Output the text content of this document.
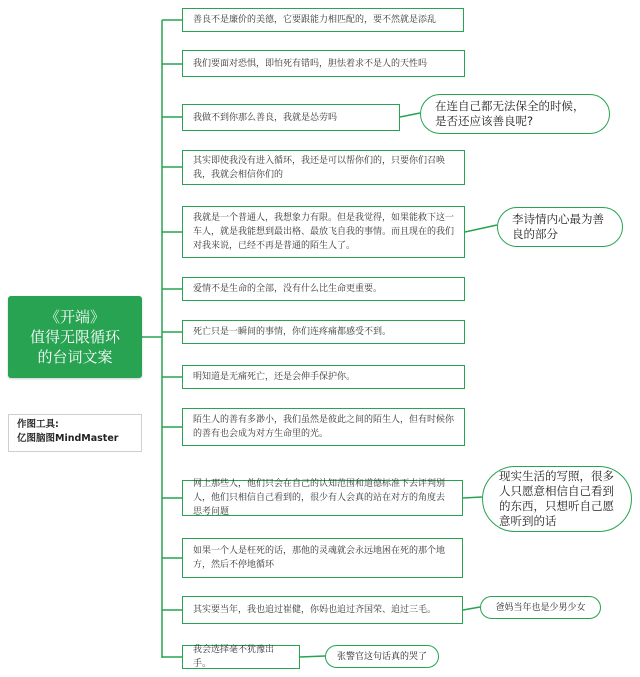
《开端》
值得无限循环
的台词文案
作图工具:
亿图脑图MindMaster
善良不是廉价的美德，它要跟能力相匹配的，要不然就是添乱
我们要面对恐惧，即怕死有错吗，胆怯着求不是人的天性吗
我做不到你那么善良，我就是怂劳吗
其实即使我没有进入循环，我还是可以帮你们的，只要你们召唤我，我就会相信你们的
我就是一个普通人，我想象力有限。但是我觉得，如果能救下这一车人，就是我能想到最出格、最放飞自我的事情。而且现在的我们对我来说，已经不再是普通的陌生人了。
爱情不是生命的全部，没有什么比生命更重要。
死亡只是一瞬间的事情，你们连疼痛都感受不到。
明知道是无痛死亡，还是会伸手保护你。
陌生人的善有多渺小，我们虽然是彼此之间的陌生人，但有时候你的善有也会成为对方生命里的光。
网上那些人，他们只会在自己的认知范围和道德标准下去评判别人，他们只相信自己看到的，很少有人会真的站在对方的角度去思考问题
如果一个人是枉死的话，那他的灵魂就会永远地困在死的那个地方，然后不停地循环
其实要当年，我也追过崔健，你妈也追过齐国荣、追过三毛。
我会选择毫不犹豫出手。
在连自己都无法保全的时候，是否还应该善良呢?
李诗情内心最为善良的部分
现实生活的写照，很多人只愿意相信自己看到的东西，只想听自己愿意听到的话
爸妈当年也是少男少女
张警官这句话真的哭了
